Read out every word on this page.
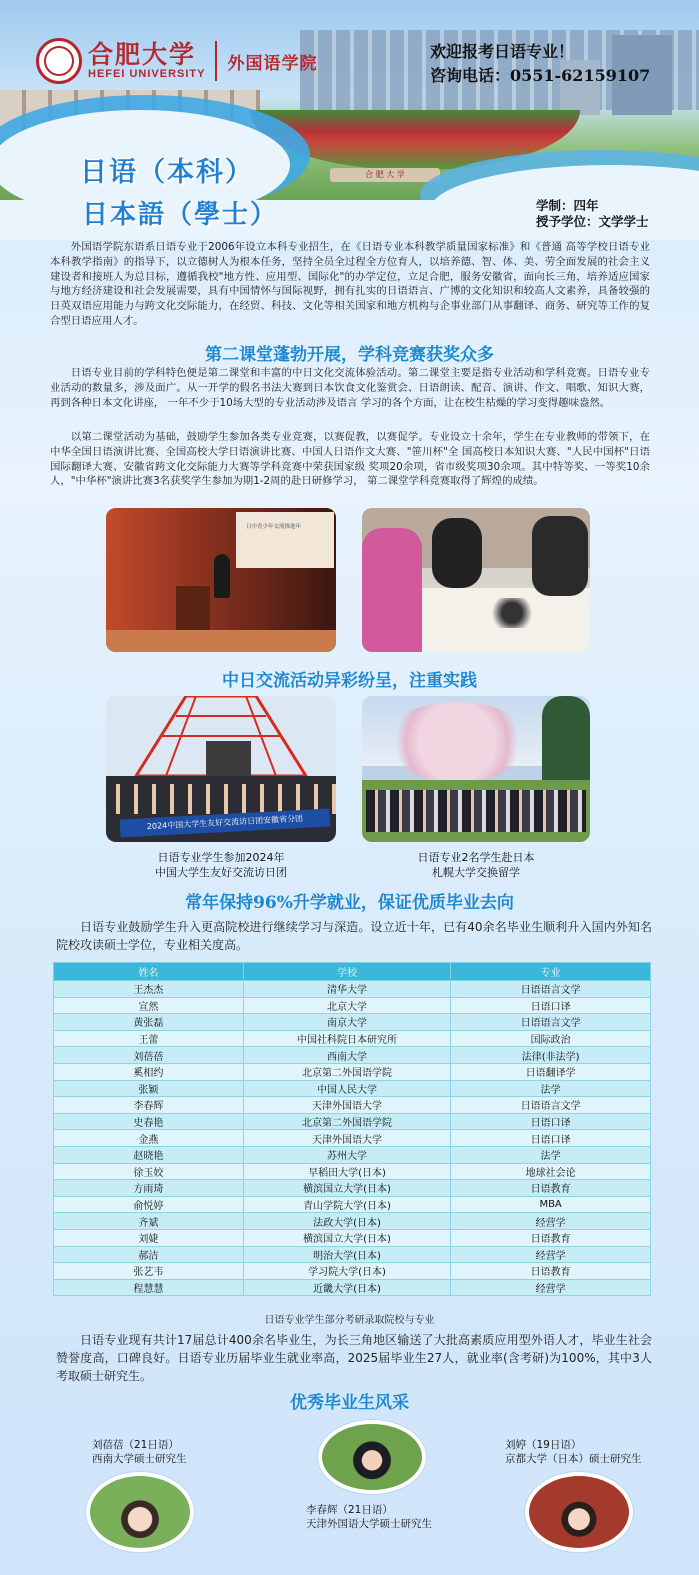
合 肥 大 学
合肥大学
HEFEI UNIVERSITY
外国语学院
欢迎报考日语专业！
咨询电话：0551-62159107
日语（本科）
日本語（學士）	学制：四年
授予学位：文学学士
外国语学院东语系日语专业于2006年设立本科专业招生，在《日语专业本科教学质量国家标准》和《普通 高等学校日语专业本科教学指南》的指导下，以立德树人为根本任务，坚持全员全过程全方位育人，以培养德、智、体、美、劳全面发展的社会主义建设者和接班人为总目标，遵循我校"地方性、应用型、国际化"的办学定位，立足合肥，服务安徽省，面向长三角，培养适应国家与地方经济建设和社会发展需要，具有中国情怀与国际视野，拥有扎实的日语语言、广博的文化知识和较高人文素养，具备较强的日英双语应用能力与跨文化交际能力，在经贸、科技、文化等相关国家和地方机构与企事业部门从事翻译、商务、研究等工作的复合型日语应用人才。
第二课堂蓬勃开展，学科竞赛获奖众多
日语专业目前的学科特色便是第二课堂和丰富的中日文化交流体验活动。第二课堂主要是指专业活动和学科竞赛。日语专业专业活动的数量多，涉及面广。从一开学的假名书法大赛到日本饮食文化鉴赏会、日语朗读、配音、演讲、作文、唱歌、知识大赛，再到各种日本文化讲座， 一年不少于10场大型的专业活动涉及语言 学习的各个方面，让在校生枯燥的学习变得趣味盎然。
以第二课堂活动为基础，鼓励学生参加各类专业竞赛，以赛促教，以赛促学。专业设立十余年，学生在专业教师的带领下，在中华全国日语演讲比赛、全国高校大学日语演讲比赛、中国人日语作文大赛、"笹川杯"全 国高校日本知识大赛、"人民中国杯"日语国际翻译大赛、安徽省跨文化交际能力大赛等学科竞赛中荣获国家级 奖项20余项，省市级奖项30余项。其中特等奖、一等奖10余人，"中华杯"演讲比赛3名获奖学生参加为期1-2周的赴日研修学习， 第二课堂学科竞赛取得了辉煌的成绩。
日中青少年交流推進年
中日交流活动异彩纷呈，注重实践
2024中国大学生友好交流访日团安徽省分团
日语专业学生参加2024年
中国大学生友好交流访日团
日语专业2名学生赴日本
札幌大学交换留学
常年保持96%升学就业，保证优质毕业去向
日语专业鼓励学生升入更高院校进行继续学习与深造。设立近十年，已有40余名毕业生顺利升入国内外知名院校攻读硕士学位，专业相关度高。
姓名	学校	专业
王杰杰	清华大学	日语语言文学
宣然	北京大学	日语口译
黄张磊	南京大学	日语语言文学
王蕾	中国社科院日本研究所	国际政治
刘蓓蓓	西南大学	法律(非法学)
奚相约	北京第二外国语学院	日语翻译学
张颖	中国人民大学	法学
李春辉	天津外国语大学	日语语言文学
史春艳	北京第二外国语学院	日语口译
金燕	天津外国语大学	日语口译
赵晓艳	苏州大学	法学
徐玉姣	早稻田大学(日本)	地球社会论
方雨琦	横滨国立大学(日本)	日语教育
俞悦婷	青山学院大学(日本)	MBA
齐斌	法政大学(日本)	经营学
刘婕	横滨国立大学(日本)	日语教育
郝洁	明治大学(日本)	经营学
张艺韦	学习院大学(日本)	日语教育
程慧慧	近畿大学(日本)	经营学
日语专业学生部分考研录取院校与专业
日语专业现有共计17届总计400余名毕业生，为长三角地区输送了大批高素质应用型外语人才，毕业生社会赞誉度高，口碑良好。日语专业历届毕业生就业率高，2025届毕业生27人，就业率(含考研)为100%，其中3人考取硕士研究生。
优秀毕业生风采
刘蓓蓓（21日语）
西南大学硕士研究生
李春辉（21日语）
天津外国语大学硕士研究生
刘婷（19日语）
京都大学（日本）硕士研究生
